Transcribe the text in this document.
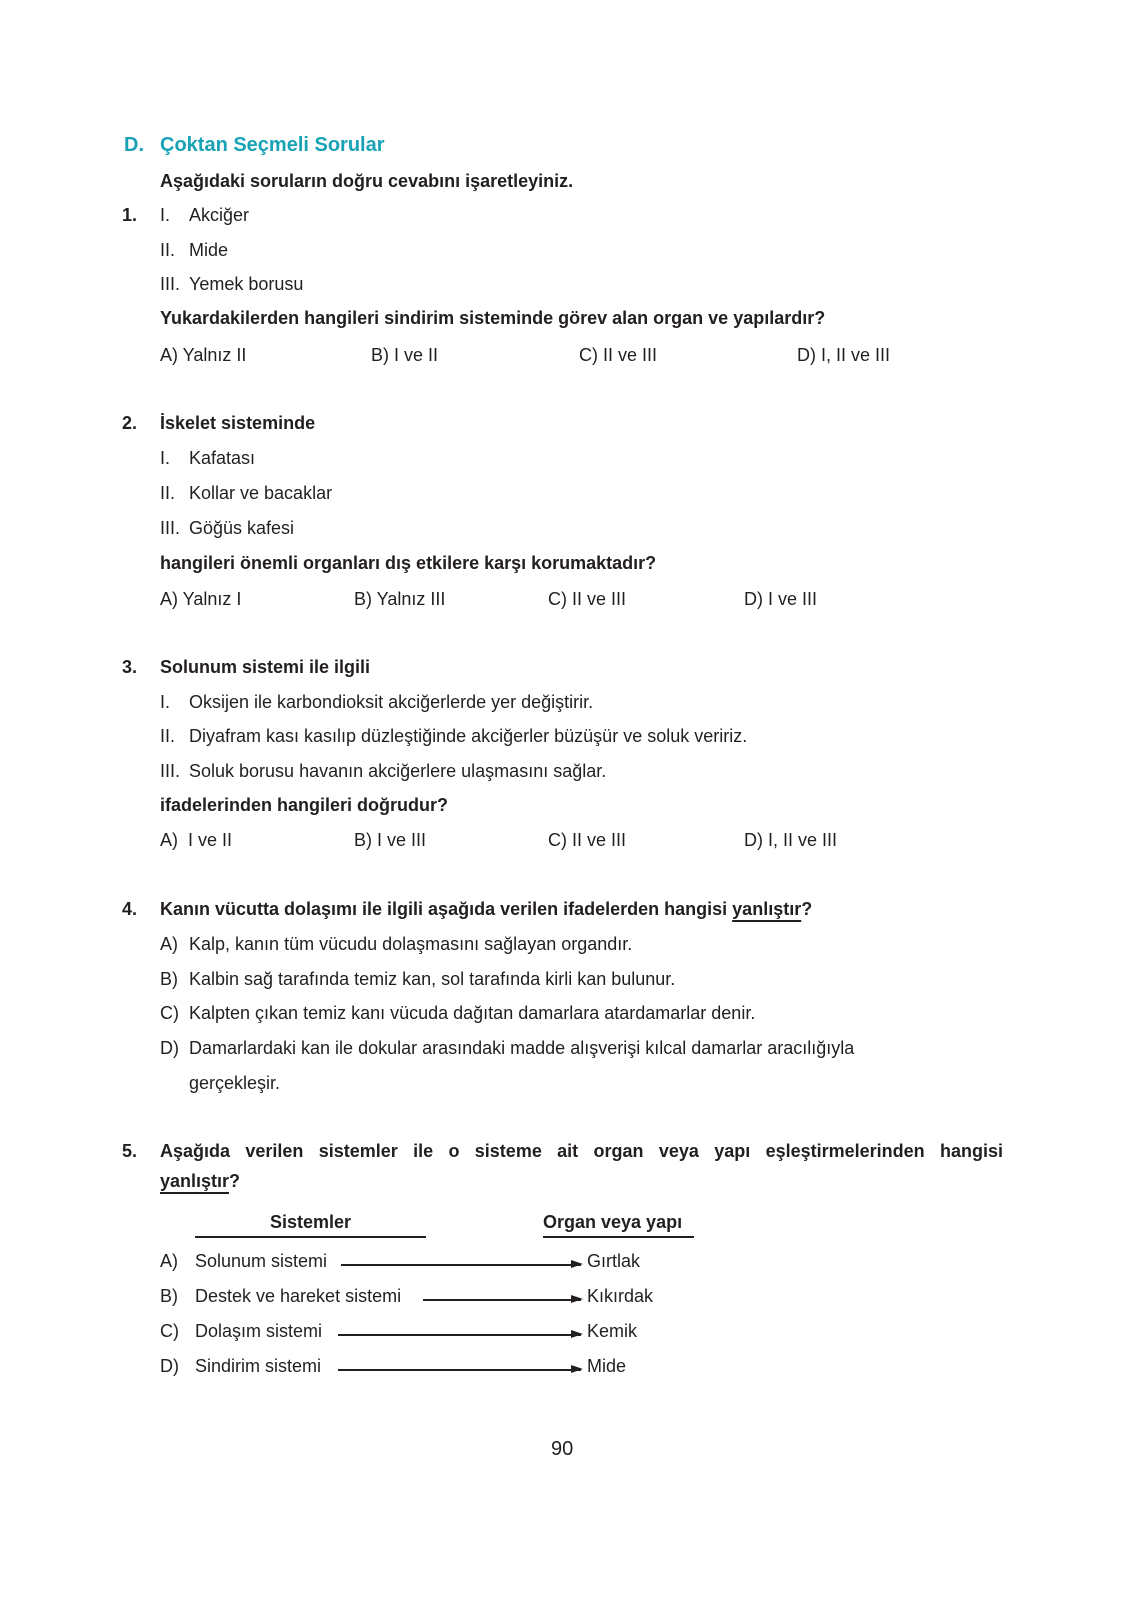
D. Çoktan Seçmeli Sorular
Aşağıdaki soruların doğru cevabını işaretleyiniz.
1. I. Akciğer
II. Mide
III. Yemek borusu
Yukardakilerden hangileri sindirim sisteminde görev alan organ ve yapılardır?
A) Yalnız II	B) I ve II	C) II ve III	D) I, II ve III
2. İskelet sisteminde
I. Kafatası
II. Kollar ve bacaklar
III. Göğüs kafesi
hangileri önemli organları dış etkilere karşı korumaktadır?
A) Yalnız I	B) Yalnız III	C) II ve III	D) I ve III
3. Solunum sistemi ile ilgili
I. Oksijen ile karbondioksit akciğerlerde yer değiştirir.
II. Diyafram kası kasılıp düzleştiğinde akciğerler büzüşür ve soluk veririz.
III. Soluk borusu havanın akciğerlere ulaşmasını sağlar.
ifadelerinden hangileri doğrudur?
A)  I ve II	B) I ve III	C) II ve III	D) I, II ve III
4. Kanın vücutta dolaşımı ile ilgili aşağıda verilen ifadelerden hangisi yanlıştır?
A) Kalp, kanın tüm vücudu dolaşmasını sağlayan organdır.
B) Kalbin sağ tarafında temiz kan, sol tarafında kirli kan bulunur.
C) Kalpten çıkan temiz kanı vücuda dağıtan damarlara atardamarlar denir.
D) Damarlardaki kan ile dokular arasındaki madde alışverişi kılcal damarlar aracılığıyla
gerçekleşir.
5. Aşağıda verilen sistemler ile o sisteme ait organ veya yapı eşleştirmelerinden hangisi
yanlıştır?
Sistemler	Organ veya yapı
A) Solunum sistemi	Gırtlak
B) Destek ve hareket sistemi	Kıkırdak
C) Dolaşım sistemi	Kemik
D) Sindirim sistemi	Mide
90
